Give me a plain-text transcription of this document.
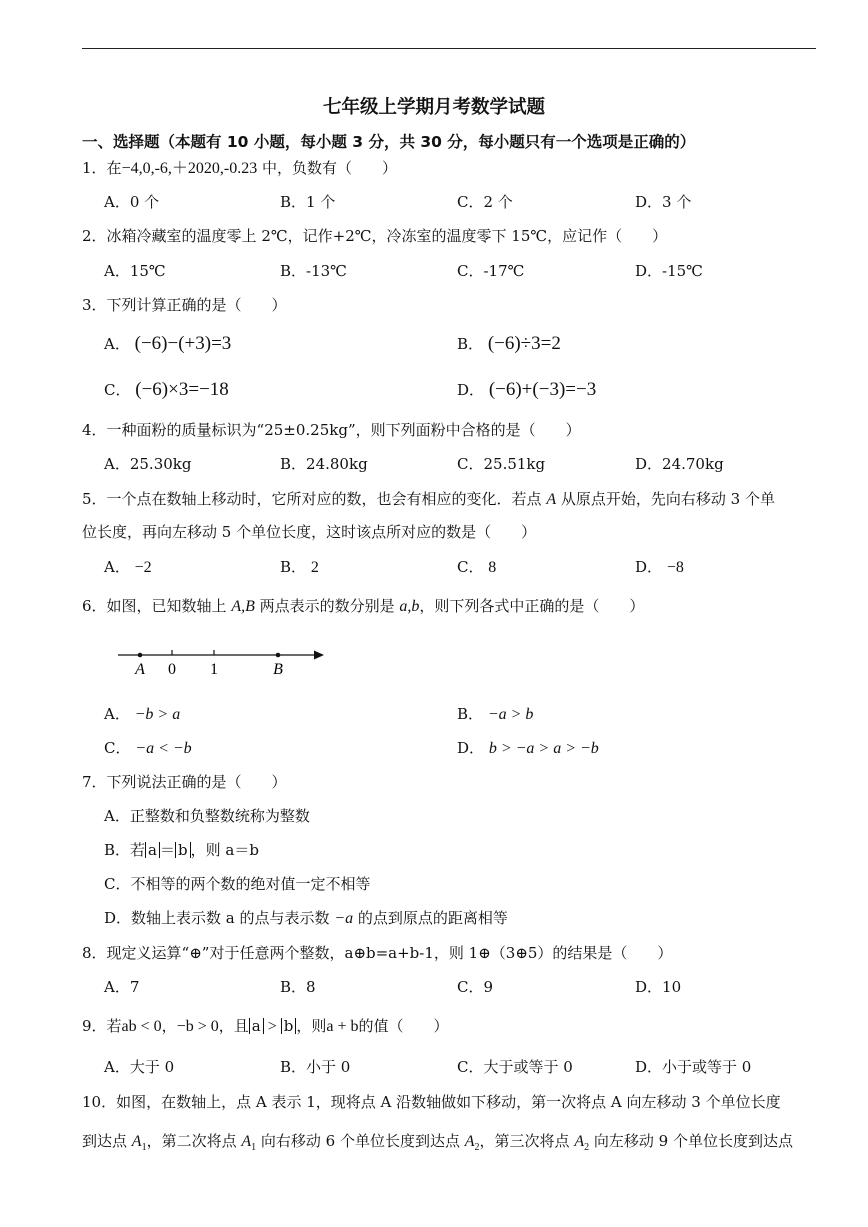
七年级上学期月考数学试题
一、选择题（本题有 10 小题，每小题 3 分，共 30 分，每小题只有一个选项是正确的）
1．在−4,0,-6,＋2020,-0.23 中，负数有（　　）
A．0 个	B．1 个	C．2 个	D．3 个
2．冰箱冷藏室的温度零上 2℃，记作+2℃，冷冻室的温度零下 15℃，应记作（　　）
A．15℃	B．-13℃	C．-17℃	D．-15℃
3．下列计算正确的是（　　）
A． (−6)−(+3)=3	B． (−6)÷3=2
C． (−6)×3=−18	D． (−6)+(−3)=−3
4．一种面粉的质量标识为“25±0.25kg”，则下列面粉中合格的是（　　）
A．25.30kg	B．24.80kg	C．25.51kg	D．24.70kg
5．一个点在数轴上移动时，它所对应的数，也会有相应的变化．若点 A 从原点开始，先向右移动 3 个单
位长度，再向左移动 5 个单位长度，这时该点所对应的数是（　　）
A． −2	B． 2	C． 8	D． −8
6．如图，已知数轴上 A,B 两点表示的数分别是 a,b，则下列各式中正确的是（　　）
A 0 1	B
A． −b > a	B． −a > b
C． −a < −b	D． b > −a > a > −b
7．下列说法正确的是（　　）
A．正整数和负整数统称为整数
B．若 a ＝ b ，则 a＝b
C．不相等的两个数的绝对值一定不相等
D．数轴上表示数 a 的点与表示数 −a 的点到原点的距离相等
8．现定义运算“⊕”对于任意两个整数，a⊕b=a+b-1，则 1⊕（3⊕5）的结果是（　　）
A．7	B．8	C．9	D．10
9．若ab < 0，−b > 0，且 a > b ，则a + b的值（　　）
A．大于 0	B．小于 0	C．大于或等于 0	D．小于或等于 0
10．如图，在数轴上，点 A 表示 1，现将点 A 沿数轴做如下移动，第一次将点 A 向左移动 3 个单位长度
到达点 $A_1$，第二次将点 $A_1$ 向右移动 6 个单位长度到达点 $A_2$，第三次将点 $A_2$ 向左移动 9 个单位长度到达点
